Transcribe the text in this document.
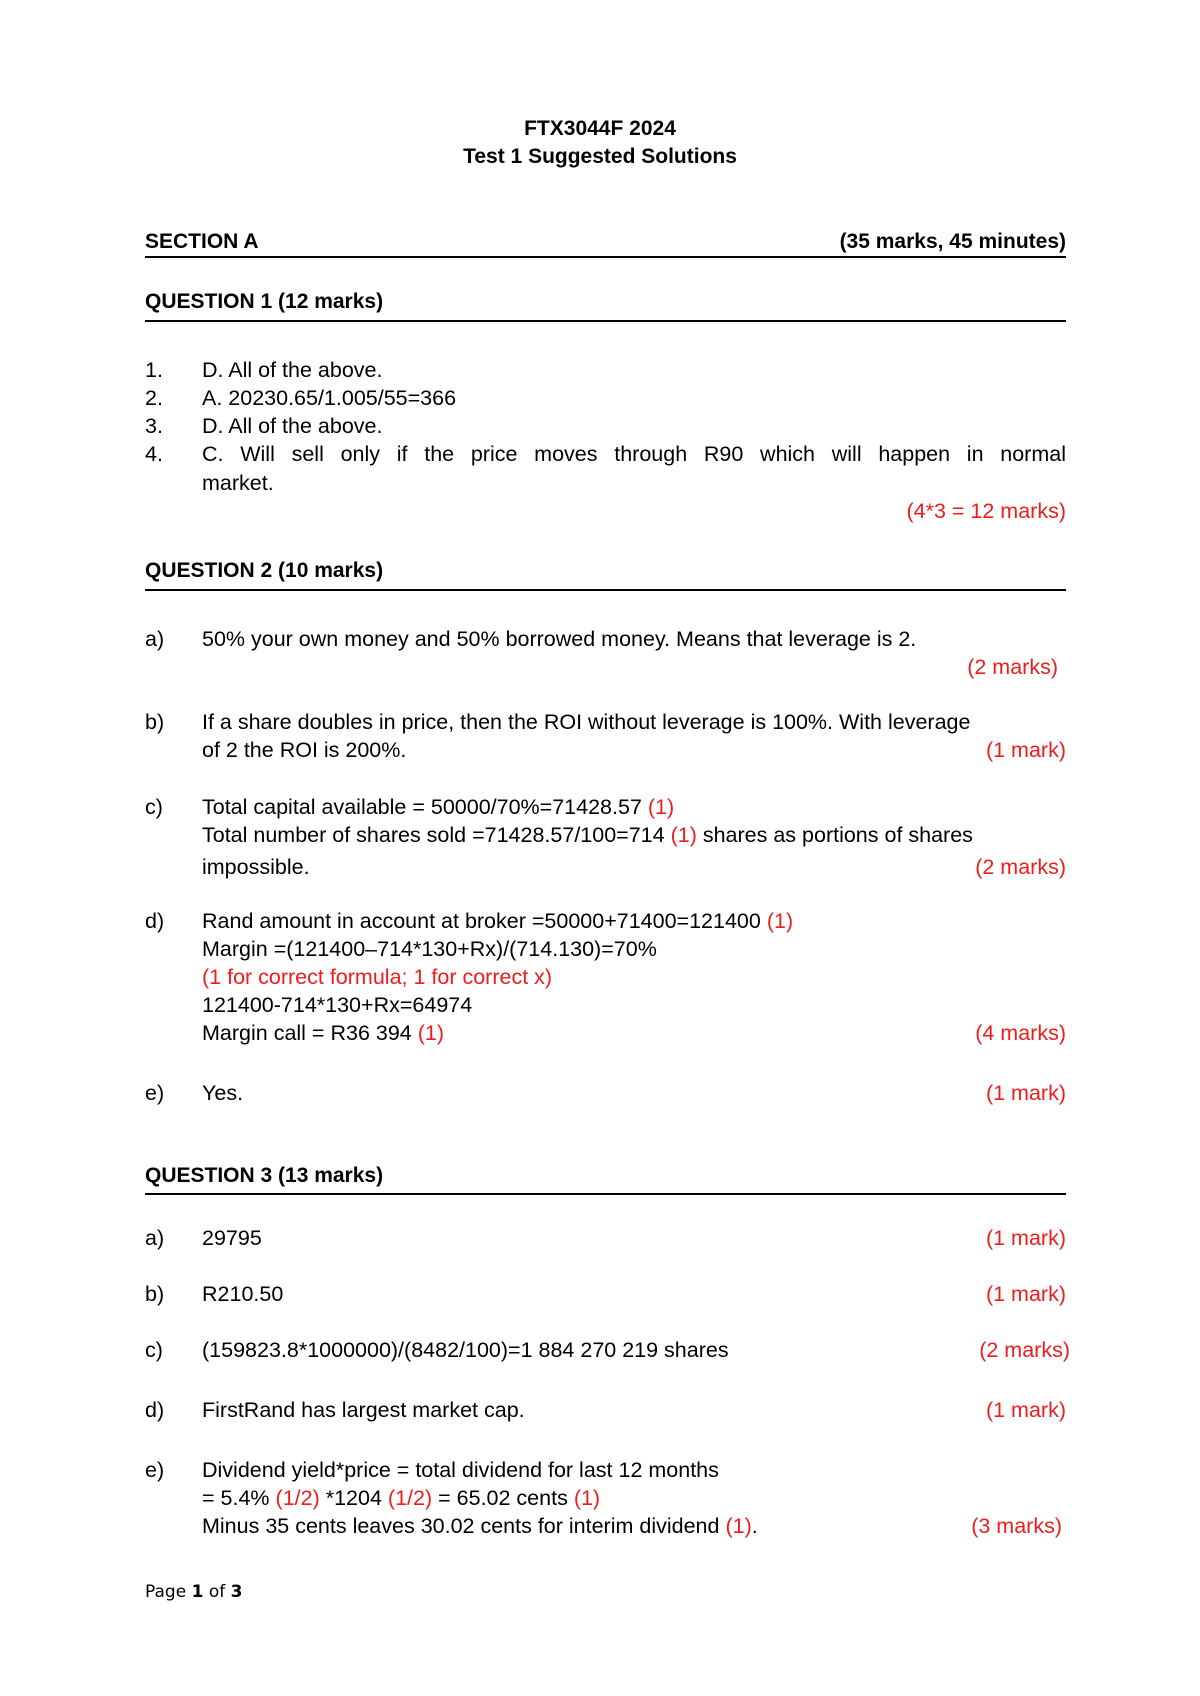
FTX3044F 2024
Test 1 Suggested Solutions
SECTION A	(35 marks, 45 minutes)
QUESTION 1 (12 marks)
1. D. All of the above.
2. A. 20230.65/1.005/55=366
3. D. All of the above.
4. C. Will sell only if the price moves through R90 which will happen in normal
market.
(4*3 = 12 marks)
QUESTION 2 (10 marks)
a) 50% your own money and 50% borrowed money. Means that leverage is 2.
(2 marks)
b) If a share doubles in price, then the ROI without leverage is 100%. With leverage
of 2 the ROI is 200%.	(1 mark)
c) Total capital available = 50000/70%=71428.57 (1)
Total number of shares sold =71428.57/100=714 (1) shares as portions of shares
impossible.	(2 marks)
d) Rand amount in account at broker =50000+71400=121400 (1)
Margin =(121400–714*130+Rx)/(714.130)=70%
(1 for correct formula; 1 for correct x)
121400-714*130+Rx=64974
Margin call = R36 394 (1)	(4 marks)
e) Yes.	(1 mark)
QUESTION 3 (13 marks)
a) 29795	(1 mark)
b) R210.50	(1 mark)
c) (159823.8*1000000)/(8482/100)=1 884 270 219 shares	(2 marks)
d) FirstRand has largest market cap.	(1 mark)
e) Dividend yield*price = total dividend for last 12 months
= 5.4% (1/2) *1204 (1/2) = 65.02 cents (1)
Minus 35 cents leaves 30.02 cents for interim dividend (1).	(3 marks)
Page 1 of 3
